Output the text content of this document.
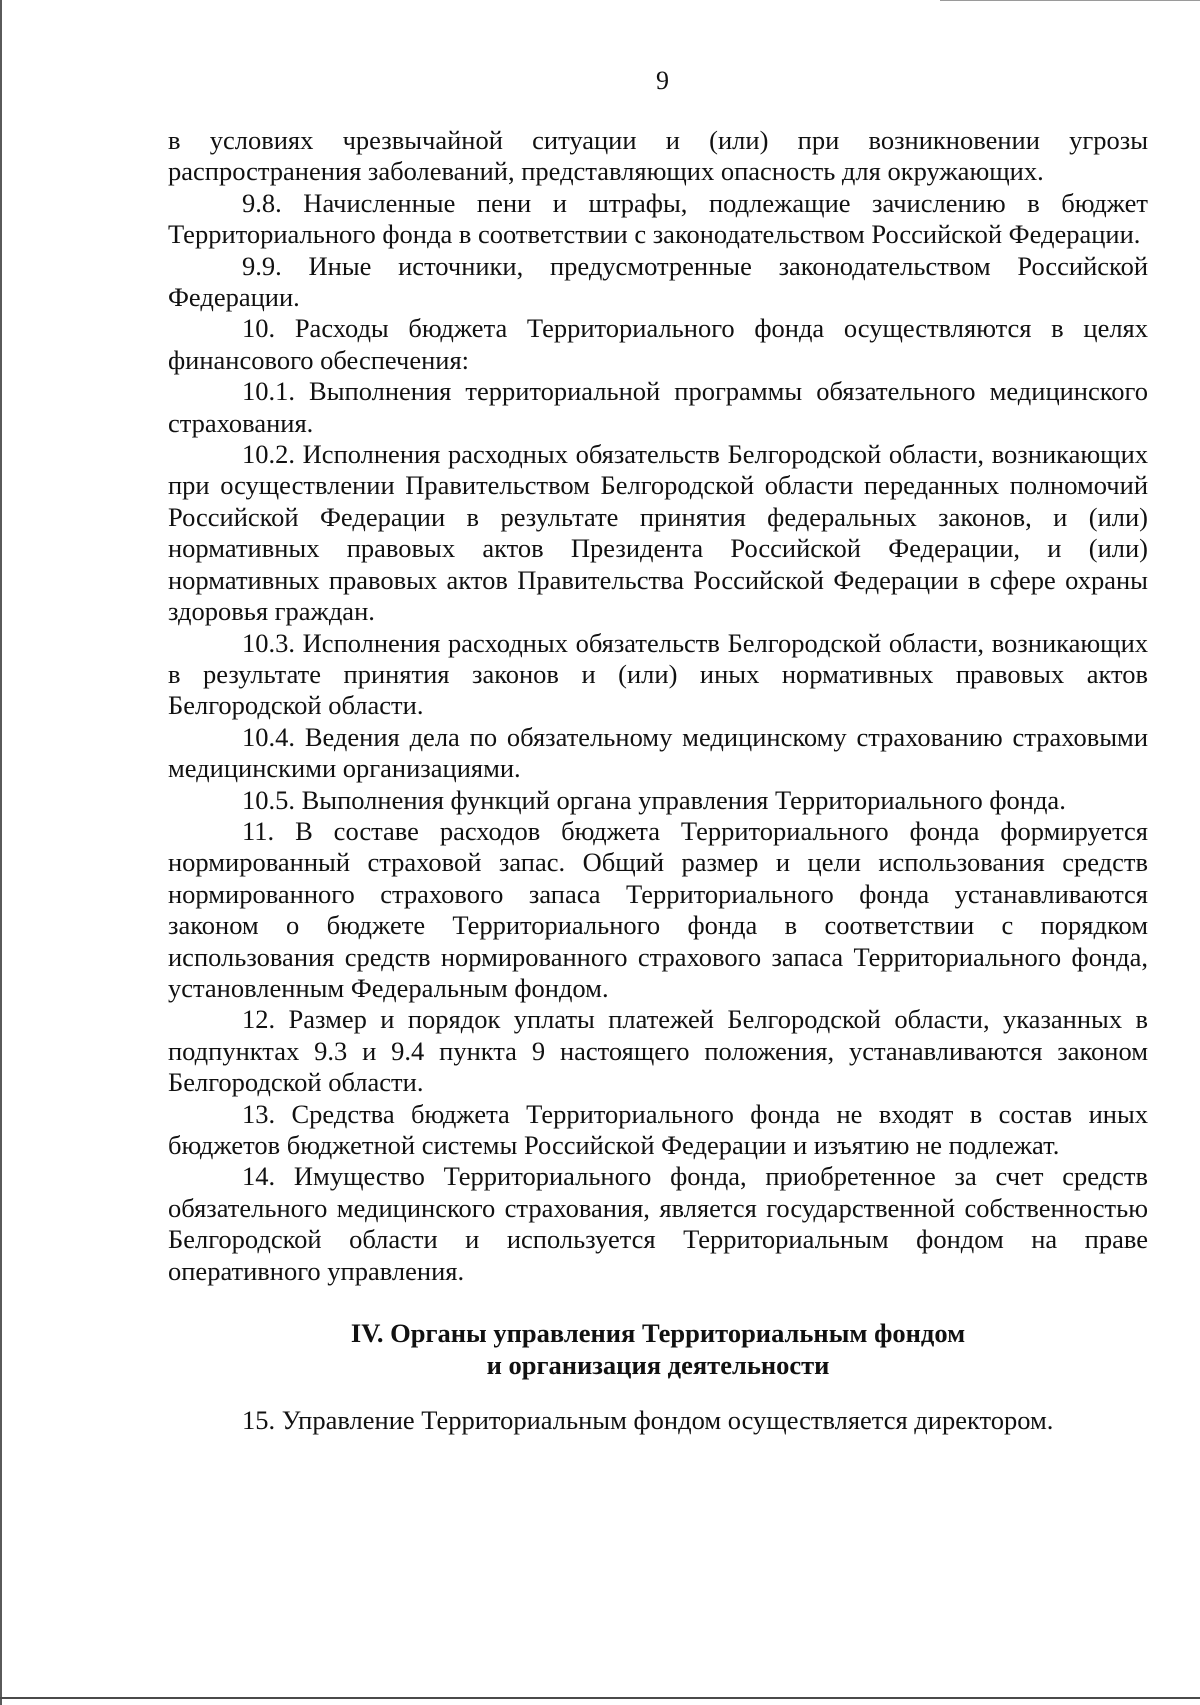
9

в условиях чрезвычайной ситуации и (или) при возникновении угрозы распространения заболеваний, представляющих опасность для окружающих.

9.8. Начисленные пени и штрафы, подлежащие зачислению в бюджет Территориального фонда в соответствии с законодательством Российской Федерации.

9.9. Иные источники, предусмотренные законодательством Российской Федерации.

10. Расходы бюджета Территориального фонда осуществляются в целях финансового обеспечения:

10.1. Выполнения территориальной программы обязательного медицинского страхования.

10.2. Исполнения расходных обязательств Белгородской области, возникающих при осуществлении Правительством Белгородской области переданных полномочий Российской Федерации в результате принятия федеральных законов, и (или) нормативных правовых актов Президента Российской Федерации, и (или) нормативных правовых актов Правительства Российской Федерации в сфере охраны здоровья граждан.

10.3. Исполнения расходных обязательств Белгородской области, возникающих в результате принятия законов и (или) иных нормативных правовых актов Белгородской области.

10.4. Ведения дела по обязательному медицинскому страхованию страховыми медицинскими организациями.

10.5. Выполнения функций органа управления Территориального фонда.

11. В составе расходов бюджета Территориального фонда формируется нормированный страховой запас. Общий размер и цели использования средств нормированного страхового запаса Территориального фонда устанавливаются законом о бюджете Территориального фонда в соответствии с порядком использования средств нормированного страхового запаса Территориального фонда, установленным Федеральным фондом.

12. Размер и порядок уплаты платежей Белгородской области, указанных в подпунктах 9.3 и 9.4 пункта 9 настоящего положения, устанавливаются законом Белгородской области.

13. Средства бюджета Территориального фонда не входят в состав иных бюджетов бюджетной системы Российской Федерации и изъятию не подлежат.

14. Имущество Территориального фонда, приобретенное за счет средств обязательного медицинского страхования, является государственной собственностью Белгородской области и используется Территориальным фондом на праве оперативного управления.

IV. Органы управления Территориальным фондом
и организация деятельности

15. Управление Территориальным фондом осуществляется директором.
